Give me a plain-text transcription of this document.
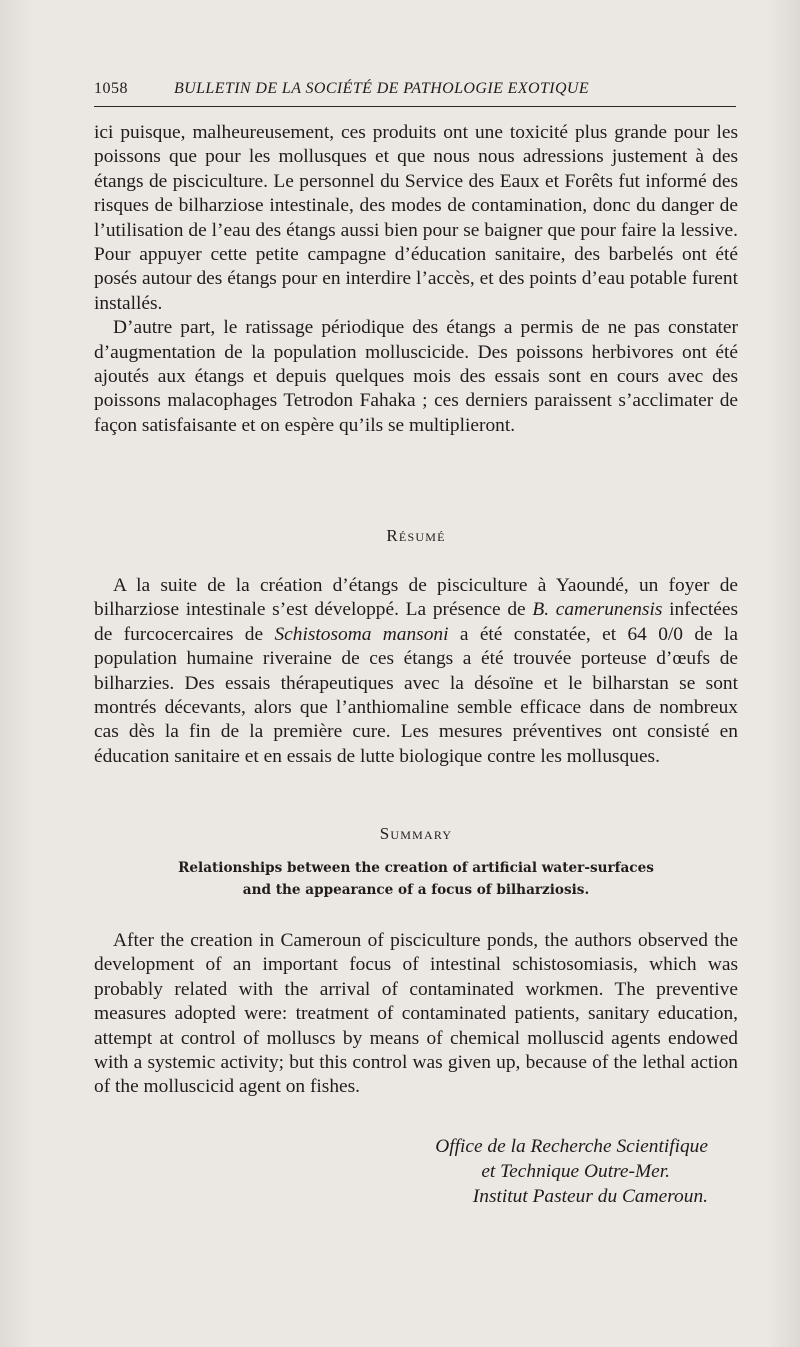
1058	BULLETIN DE LA SOCIÉTÉ DE PATHOLOGIE EXOTIQUE

ici puisque, malheureusement, ces produits ont une toxicité plus grande pour les poissons que pour les mollusques et que nous nous adressions justement à des étangs de pisciculture. Le personnel du Service des Eaux et Forêts fut informé des risques de bilharziose intestinale, des modes de contamination, donc du danger de l’utilisation de l’eau des étangs aussi bien pour se baigner que pour faire la lessive. Pour appuyer cette petite campagne d’éducation sanitaire, des barbelés ont été posés autour des étangs pour en interdire l’accès, et des points d’eau potable furent installés.

D’autre part, le ratissage périodique des étangs a permis de ne pas constater d’augmentation de la population molluscicide. Des poissons herbivores ont été ajoutés aux étangs et depuis quelques mois des essais sont en cours avec des poissons malacophages Tetrodon Fahaka ; ces derniers paraissent s’acclimater de façon satisfaisante et on espère qu’ils se multiplieront.

Résumé

A la suite de la création d’étangs de pisciculture à Yaoundé, un foyer de bilharziose intestinale s’est développé. La présence de B. camerunensis infectées de furcocercaires de Schistosoma mansoni a été constatée, et 64 0/0 de la population humaine riveraine de ces étangs a été trouvée porteuse d’œufs de bilharzies. Des essais thérapeutiques avec la désoïne et le bilharstan se sont montrés décevants, alors que l’anthiomaline semble efficace dans de nombreux cas dès la fin de la première cure. Les mesures préventives ont consisté en éducation sanitaire et en essais de lutte biologique contre les mollusques.

Summary
Relationships between the creation of artificial water-surfaces
and the appearance of a focus of bilharziosis.

After the creation in Cameroun of pisciculture ponds, the authors observed the development of an important focus of intestinal schistosomiasis, which was probably related with the arrival of contaminated workmen. The preventive measures adopted were: treatment of contaminated patients, sanitary education, attempt at control of molluscs by means of chemical molluscid agents endowed with a systemic activity; but this control was given up, because of the lethal action of the molluscicid agent on fishes.

Office de la Recherche Scientifique
et Technique Outre-Mer.
Institut Pasteur du Cameroun.
